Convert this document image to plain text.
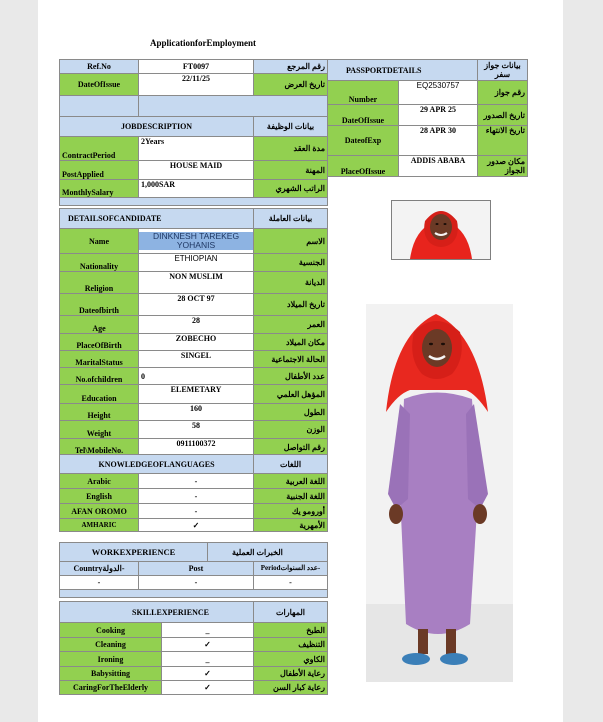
ApplicationforEmployment
Ref.No	FT0097	رقم المرجع
DateOfIssue	22/11/25	تاريخ العرض

JOBDESCRIPTION		بيانات الوظيفة
ContractPeriod	2Years	مدة العقد
PostApplied	HOUSE MAID	المهنة
MonthlySalary	1,000SAR	الراتب الشهري

PASSPORTDETAILS		بيانات جواز سفر
Number	EQ2530757	رقم جواز
DateOfIssue	29 APR 25	تاريخ الصدور
DateofExp	28 APR 30	تاريخ الانتهاء
PlaceOfIssue	ADDIS ABABA	مكان صدور الجواز
DETAILSOFCANDIDATE		بيانات العاملة
Name	DINKNESH TAREKEG YOHANIS	الاسم
Nationality	ETHIOPIAN	الجنسية
Religion	NON MUSLIM	الديانة
Dateofbirth	28 OCT 97	تاريخ الميلاد
Age	28	العمر
PlaceOfBirth	ZOBECHO	مكان الميلاد
MaritalStatus	SINGEL	الحالة الاجتماعية
No.ofchildren	0	عدد الأطفال
Education	ELEMETARY	المؤهل العلمي
Height	160	الطول
Weight	58	الوزن
Tel\MobileNo.	0911100372	رقم التواصل

KNOWLEDGEOFLANGUAGES		اللغات
Arabic	-	اللغة العربية
English	-	اللغة الجنبية
AFAN OROMO	-	أورومو يك
AMHARIC	✓	الأمهرية
WORKEXPERIENCE		الخبرات العملية	
Countryالدولة-	Post		Periodعدد السنوات-
-	-		-

SKILLEXPERIENCE		المهارات
Cooking	_	الطبخ
Cleaning	✓	التنظيف
Ironing	_	الكاوي
Babysitting	✓	رعاية الأطفال
CaringForTheElderly	✓	رعاية كبار السن
